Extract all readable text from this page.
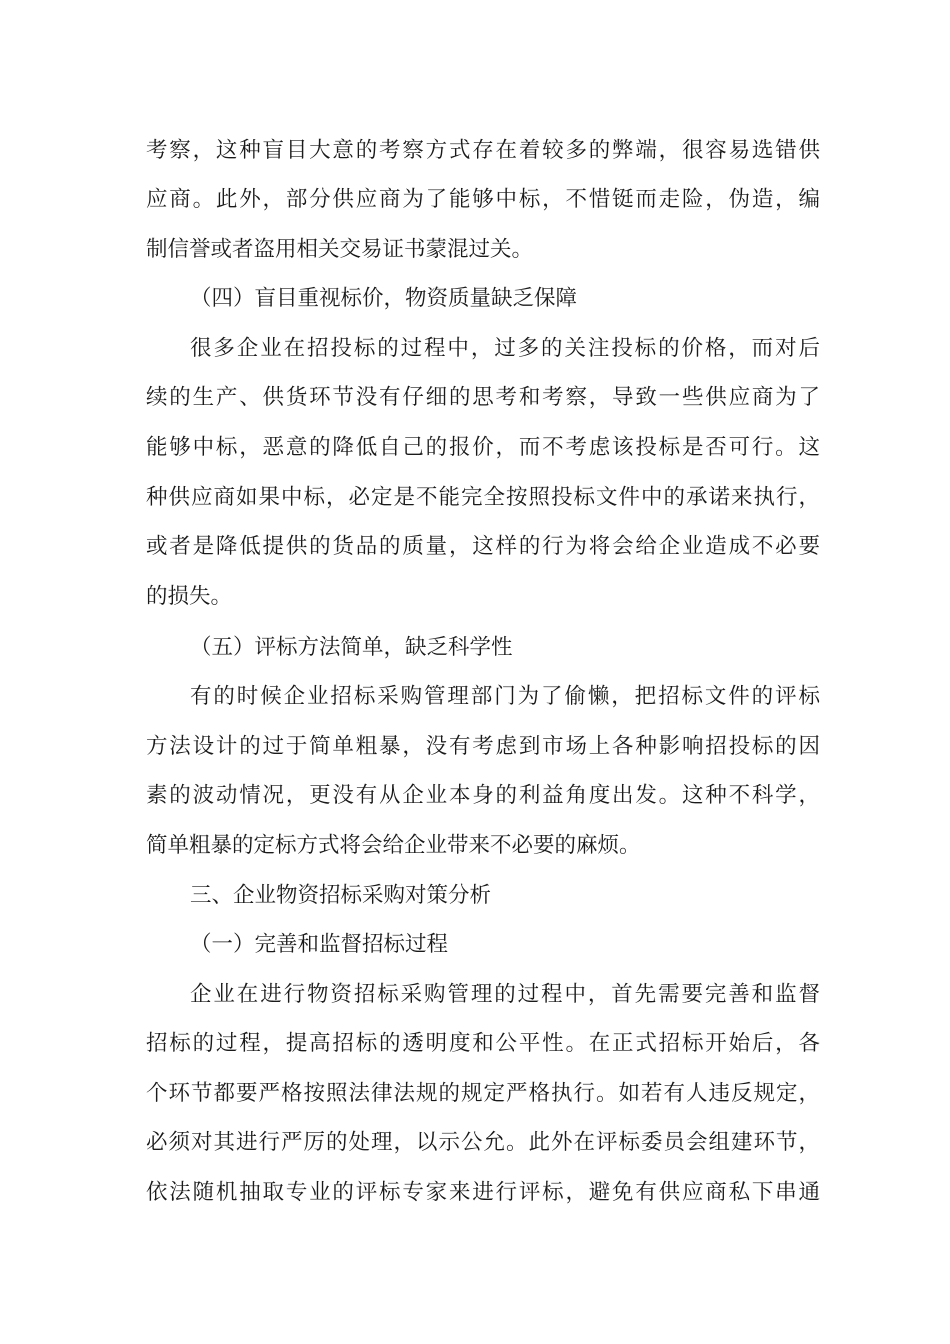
考察，这种盲目大意的考察方式存在着较多的弊端，很容易选错供
应商。此外，部分供应商为了能够中标，不惜铤而走险，伪造，编
制信誉或者盗用相关交易证书蒙混过关。
（四）盲目重视标价，物资质量缺乏保障
很多企业在招投标的过程中，过多的关注投标的价格，而对后
续的生产、供货环节没有仔细的思考和考察，导致一些供应商为了
能够中标，恶意的降低自己的报价，而不考虑该投标是否可行。这
种供应商如果中标，必定是不能完全按照投标文件中的承诺来执行，
或者是降低提供的货品的质量，这样的行为将会给企业造成不必要
的损失。
（五）评标方法简单，缺乏科学性
有的时候企业招标采购管理部门为了偷懒，把招标文件的评标
方法设计的过于简单粗暴，没有考虑到市场上各种影响招投标的因
素的波动情况，更没有从企业本身的利益角度出发。这种不科学，
简单粗暴的定标方式将会给企业带来不必要的麻烦。
三、企业物资招标采购对策分析
（一）完善和监督招标过程
企业在进行物资招标采购管理的过程中，首先需要完善和监督
招标的过程，提高招标的透明度和公平性。在正式招标开始后，各
个环节都要严格按照法律法规的规定严格执行。如若有人违反规定，
必须对其进行严厉的处理，以示公允。此外在评标委员会组建环节，
依法随机抽取专业的评标专家来进行评标，避免有供应商私下串通
